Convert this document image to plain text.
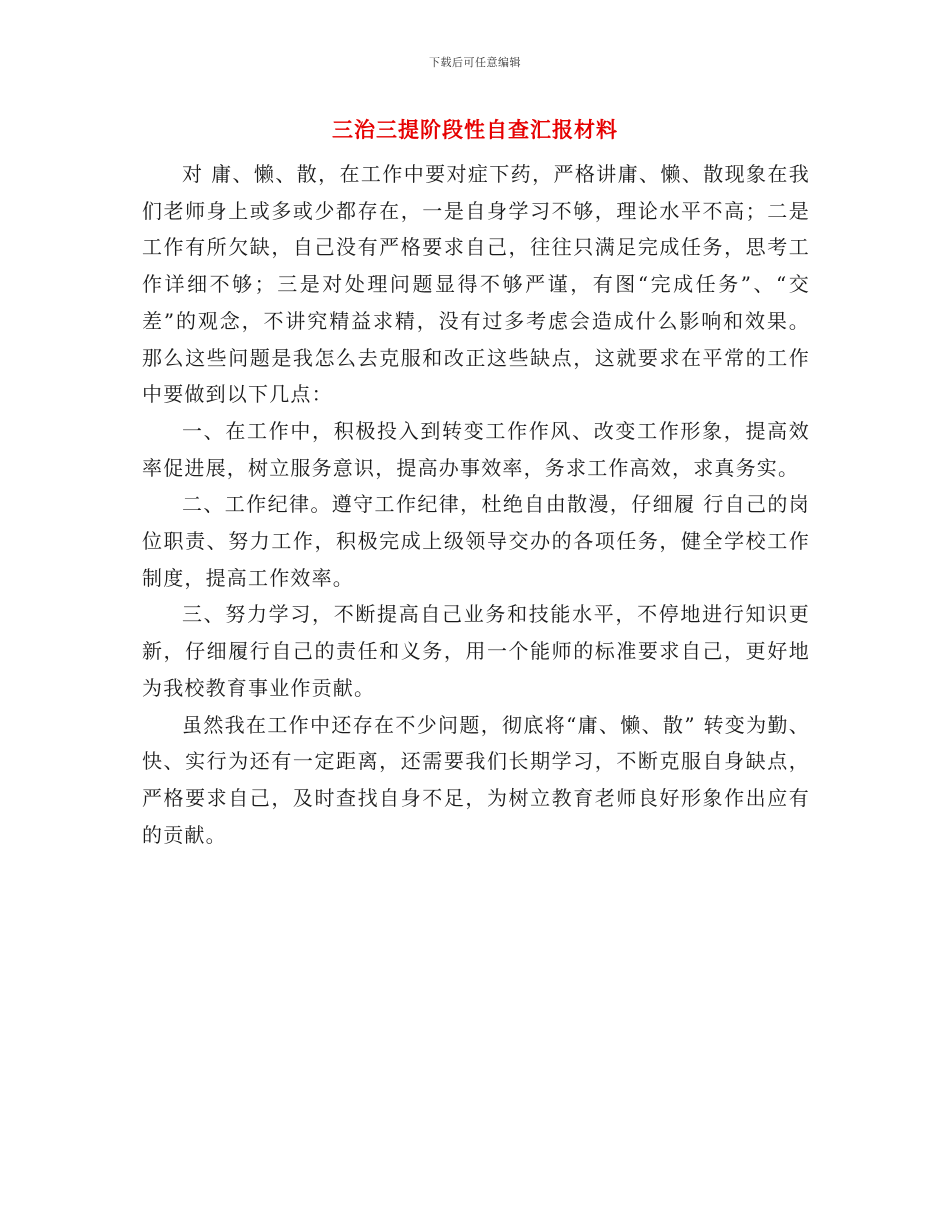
下载后可任意编辑
三治三提阶段性自查汇报材料

对 庸、懒、散，在工作中要对症下药，严格讲庸、懒、散现象在我们老师身上或多或少都存在，一是自身学习不够，理论水平不高；二是工作有所欠缺，自己没有严格要求自己，往往只满足完成任务，思考工作详细不够；三是对处理问题显得不够严谨，有图“完成任务”、“交差”的观念，不讲究精益求精，没有过多考虑会造成什么影响和效果。那么这些问题是我怎么去克服和改正这些缺点，这就要求在平常的工作中要做到以下几点：

一、在工作中，积极投入到转变工作作风、改变工作形象，提高效率促进展，树立服务意识，提高办事效率，务求工作高效，求真务实。

二、工作纪律。遵守工作纪律，杜绝自由散漫，仔细履 行自己的岗位职责、努力工作，积极完成上级领导交办的各项任务，健全学校工作制度，提高工作效率。

三、努力学习，不断提高自己业务和技能水平，不停地进行知识更新，仔细履行自己的责任和义务，用一个能师的标准要求自己，更好地为我校教育事业作贡献。

虽然我在工作中还存在不少问题，彻底将“庸、懒、散” 转变为勤、快、实行为还有一定距离，还需要我们长期学习，不断克服自身缺点，严格要求自己，及时查找自身不足，为树立教育老师良好形象作出应有的贡献。
